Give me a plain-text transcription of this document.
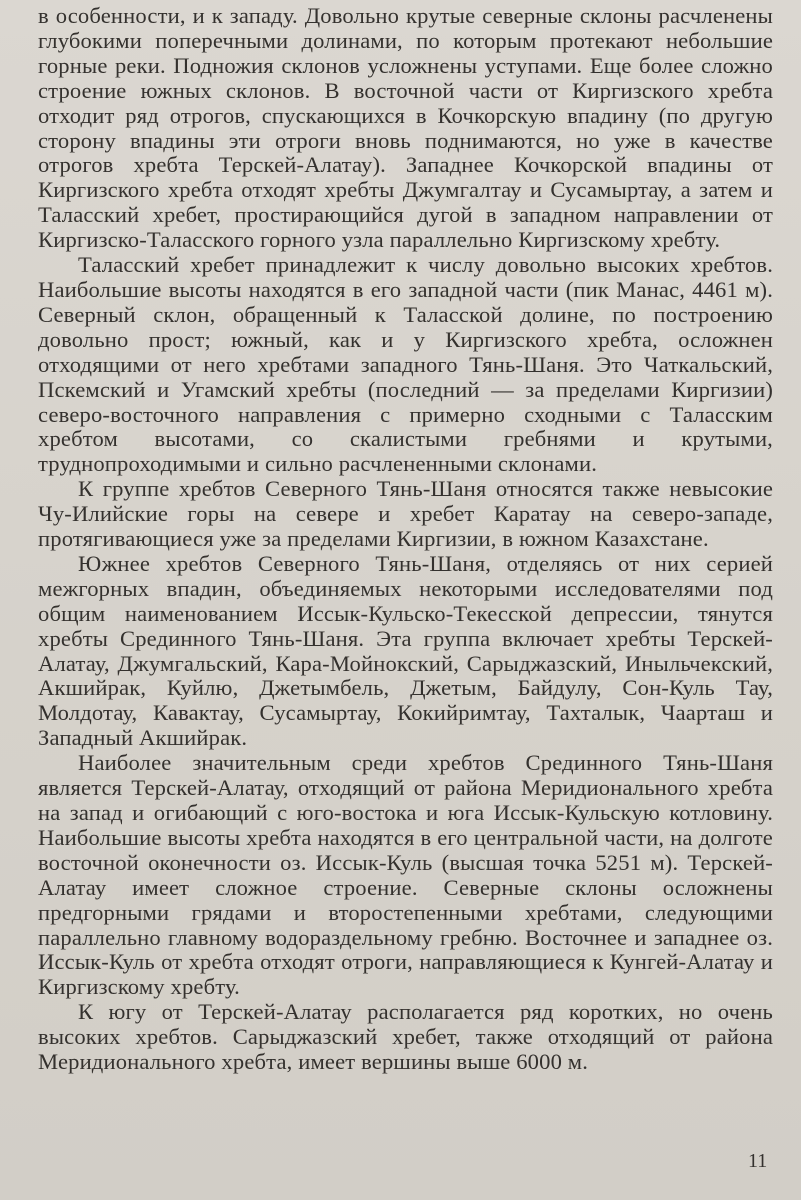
в особенности, и к западу. Довольно крутые северные склоны расчленены глубокими поперечными долинами, по которым протекают небольшие горные реки. Подножия склонов усложнены уступами. Еще более сложно строение южных склонов. В восточной части от Киргизского хребта отходит ряд отрогов, спускающихся в Кочкорскую впадину (по другую сторону впадины эти отроги вновь поднимаются, но уже в качестве отрогов хребта Терскей-Алатау). Западнее Кочкорской впадины от Киргизского хребта отходят хребты Джумгалтау и Сусамыртау, а затем и Таласский хребет, простирающийся дугой в западном направлении от Киргизско-Таласского горного узла параллельно Киргизскому хребту.

Таласский хребет принадлежит к числу довольно высоких хребтов. Наибольшие высоты находятся в его западной части (пик Манас, 4461 м). Северный склон, обращенный к Таласской долине, по построению довольно прост; южный, как и у Киргизского хребта, осложнен отходящими от него хребтами западного Тянь-Шаня. Это Чаткальский, Пскемский и Угамский хребты (последний — за пределами Киргизии) северо-восточного направления с примерно сходными с Таласским хребтом высотами, со скалистыми гребнями и крутыми, труднопроходимыми и сильно расчлененными склонами.

К группе хребтов Северного Тянь-Шаня относятся также невысокие Чу-Илийские горы на севере и хребет Каратау на северо-западе, протягивающиеся уже за пределами Киргизии, в южном Казахстане.

Южнее хребтов Северного Тянь-Шаня, отделяясь от них серией межгорных впадин, объединяемых некоторыми исследователями под общим наименованием Иссык-Кульско-Текесской депрессии, тянутся хребты Срединного Тянь-Шаня. Эта группа включает хребты Терскей-Алатау, Джумгальский, Кара-Мойнокский, Сарыджазский, Иныльчекский, Акшийрак, Куйлю, Джетымбель, Джетым, Байдулу, Сон-Куль Тау, Молдотау, Кавактау, Сусамыртау, Кокийримтау, Тахталык, Чаарташ и Западный Акшийрак.

Наиболее значительным среди хребтов Срединного Тянь-Шаня является Терскей-Алатау, отходящий от района Меридионального хребта на запад и огибающий с юго-востока и юга Иссык-Кульскую котловину. Наибольшие высоты хребта находятся в его центральной части, на долготе восточной оконечности оз. Иссык-Куль (высшая точка 5251 м). Терскей-Алатау имеет сложное строение. Северные склоны осложнены предгорными грядами и второстепенными хребтами, следующими параллельно главному водораздельному гребню. Восточнее и западнее оз. Иссык-Куль от хребта отходят отроги, направляющиеся к Кунгей-Алатау и Киргизскому хребту.

К югу от Терскей-Алатау располагается ряд коротких, но очень высоких хребтов. Сарыджазский хребет, также отходящий от района Меридионального хребта, имеет вершины выше 6000 м.

11
